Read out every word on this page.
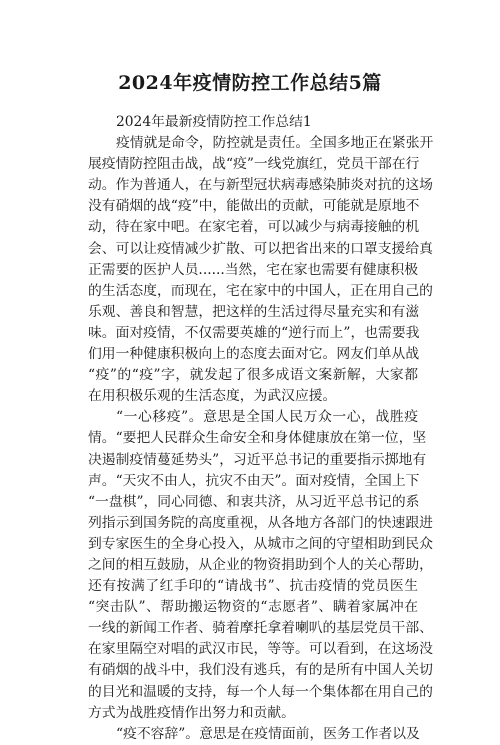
2024年疫情防控工作总结5篇
2024年最新疫情防控工作总结1
疫情就是命令，防控就是责任。全国多地正在紧张开
展疫情防控阻击战，战“疫”一线党旗红，党员干部在行
动。作为普通人，在与新型冠状病毒感染肺炎对抗的这场
没有硝烟的战“疫”中，能做出的贡献，可能就是原地不
动，待在家中吧。在家宅着，可以减少与病毒接触的机
会、可以让疫情减少扩散、可以把省出来的口罩支援给真
正需要的医护人员......当然，宅在家也需要有健康积极
的生活态度，而现在，宅在家中的中国人，正在用自己的
乐观、善良和智慧，把这样的生活过得尽量充实和有滋
味。面对疫情，不仅需要英雄的“逆行而上”，也需要我
们用一种健康积极向上的态度去面对它。网友们单从战
“疫”的“疫”字，就发起了很多成语文案新解，大家都
在用积极乐观的生活态度，为武汉应援。
“一心移疫”。意思是全国人民万众一心，战胜疫
情。“要把人民群众生命安全和身体健康放在第一位，坚
决遏制疫情蔓延势头”，习近平总书记的重要指示掷地有
声。“天灾不由人，抗灾不由天”。面对疫情，全国上下
“一盘棋”，同心同德、和衷共济，从习近平总书记的系
列指示到国务院的高度重视，从各地方各部门的快速跟进
到专家医生的全身心投入，从城市之间的守望相助到民众
之间的相互鼓励，从企业的物资捐助到个人的关心帮助，
还有按满了红手印的“请战书”、抗击疫情的党员医生
“突击队”、帮助搬运物资的“志愿者”、瞒着家属冲在
一线的新闻工作者、骑着摩托拿着喇叭的基层党员干部、
在家里隔空对唱的武汉市民，等等。可以看到，在这场没
有硝烟的战斗中，我们没有逃兵，有的是所有中国人关切
的目光和温暖的支持，每一个人每一个集体都在用自己的
方式为战胜疫情作出努力和贡献。
“疫不容辞”。意思是在疫情面前，医务工作者以及
